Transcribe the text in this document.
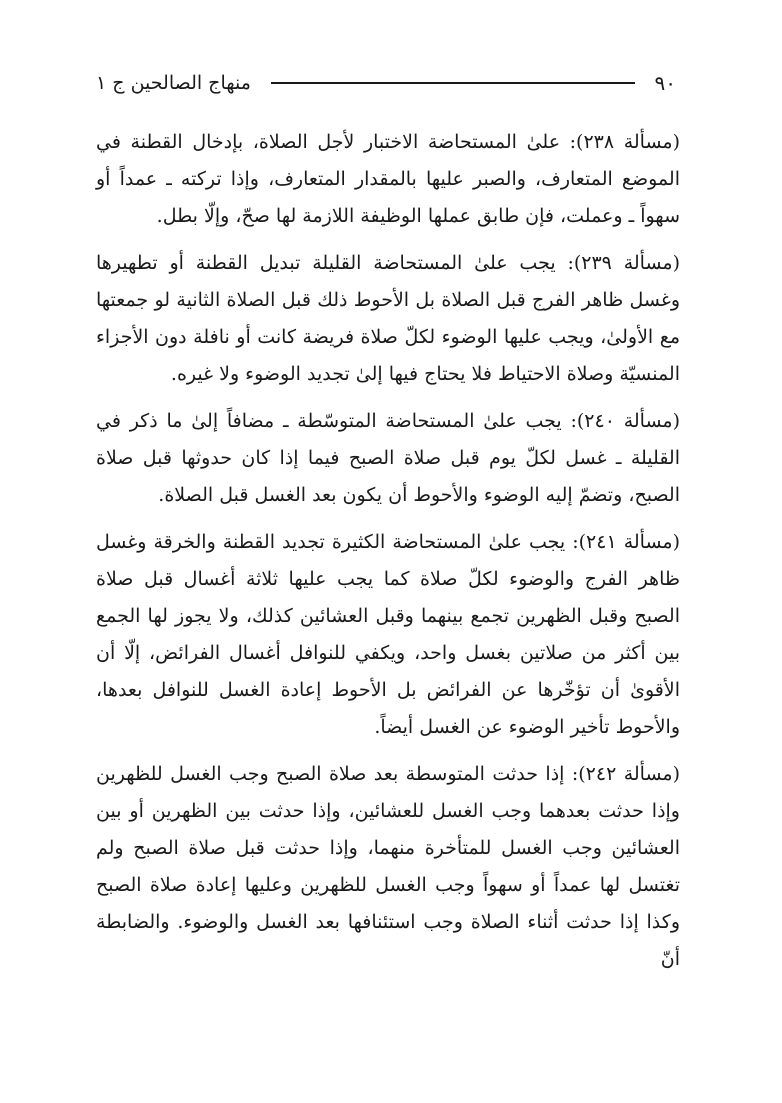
٩٠
منهاج الصالحين ج ١

(مسألة ٢٣٨): علىٰ المستحاضة الاختبار لأجل الصلاة، بإدخال القطنة في الموضع المتعارف، والصبر عليها بالمقدار المتعارف، وإذا تركته ـ عمداً أو سهواً ـ وعملت، فإن طابق عملها الوظيفة اللازمة لها صحّ، وإلّا بطل.

(مسألة ٢٣٩): يجب علىٰ المستحاضة القليلة تبديل القطنة أو تطهيرها وغسل ظاهر الفرج قبل الصلاة بل الأحوط ذلك قبل الصلاة الثانية لو جمعتها مع الأولىٰ، ويجب عليها الوضوء لكلّ صلاة فريضة كانت أو نافلة دون الأجزاء المنسيّة وصلاة الاحتياط فلا يحتاج فيها إلىٰ تجديد الوضوء ولا غيره.

(مسألة ٢٤٠): يجب علىٰ المستحاضة المتوسّطة ـ مضافاً إلىٰ ما ذكر في القليلة ـ غسل لكلّ يوم قبل صلاة الصبح فيما إذا كان حدوثها قبل صلاة الصبح، وتضمّ إليه الوضوء والأحوط أن يكون بعد الغسل قبل الصلاة.

(مسألة ٢٤١): يجب علىٰ المستحاضة الكثيرة تجديد القطنة والخرقة وغسل ظاهر الفرج والوضوء لكلّ صلاة كما يجب عليها ثلاثة أغسال قبل صلاة الصبح وقبل الظهرين تجمع بينهما وقبل العشائين كذلك، ولا يجوز لها الجمع بين أكثر من صلاتين بغسل واحد، ويكفي للنوافل أغسال الفرائض، إلّا أن الأقوىٰ أن تؤخّرها عن الفرائض بل الأحوط إعادة الغسل للنوافل بعدها، والأحوط تأخير الوضوء عن الغسل أيضاً.

(مسألة ٢٤٢): إذا حدثت المتوسطة بعد صلاة الصبح وجب الغسل للظهرين وإذا حدثت بعدهما وجب الغسل للعشائين، وإذا حدثت بين الظهرين أو بين العشائين وجب الغسل للمتأخرة منهما، وإذا حدثت قبل صلاة الصبح ولم تغتسل لها عمداً أو سهواً وجب الغسل للظهرين وعليها إعادة صلاة الصبح وكذا إذا حدثت أثناء الصلاة وجب استئنافها بعد الغسل والوضوء. والضابطة أنّ
